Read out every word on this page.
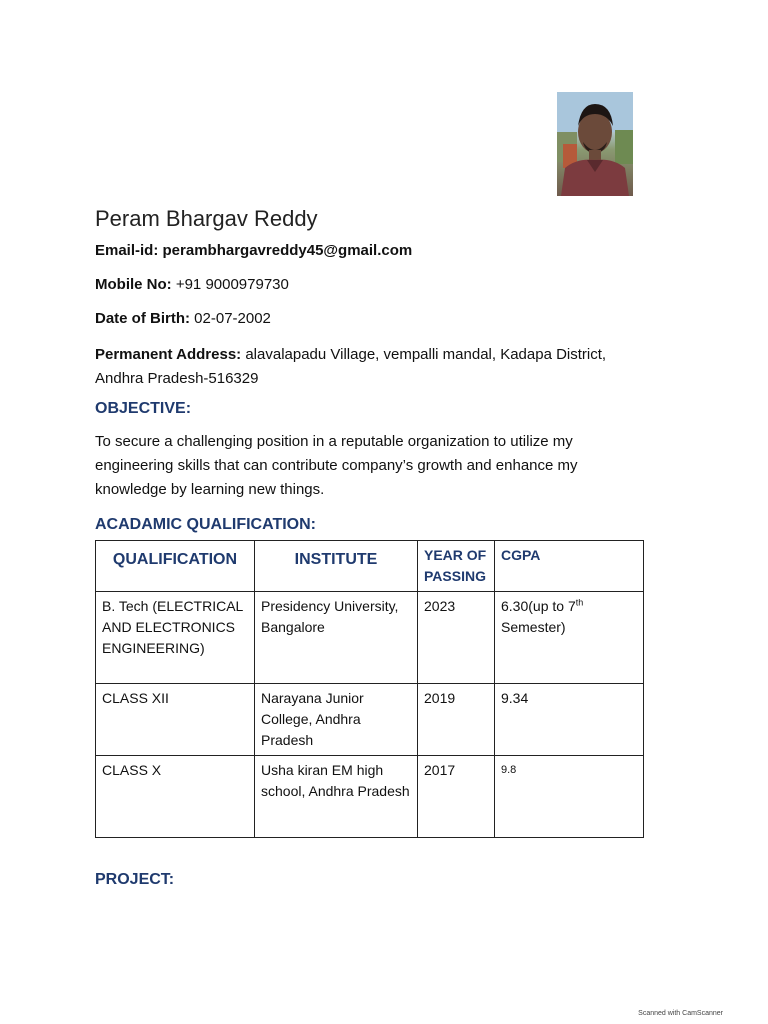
Peram Bhargav Reddy

Email-id: perambhargavreddy45@gmail.com

Mobile No: +91 9000979730

Date of Birth: 02-07-2002

Permanent Address: alavalapadu Village, vempalli mandal, Kadapa District, Andhra Pradesh-516329

OBJECTIVE:

To secure a challenging position in a reputable organization to utilize my engineering skills that can contribute company’s growth and enhance my knowledge by learning new things.

ACADAMIC QUALIFICATION:
QUALIFICATION	INSTITUTE	YEAR OF PASSING	CGPA
B. Tech (ELECTRICAL AND ELECTRONICS ENGINEERING)	Presidency University, Bangalore	2023	6.30(up to 7th Semester)
CLASS XII	Narayana Junior College, Andhra Pradesh	2019	9.34
CLASS X	Usha kiran EM high school, Andhra Pradesh	2017	9.8
PROJECT:
Scanned with CamScanner
